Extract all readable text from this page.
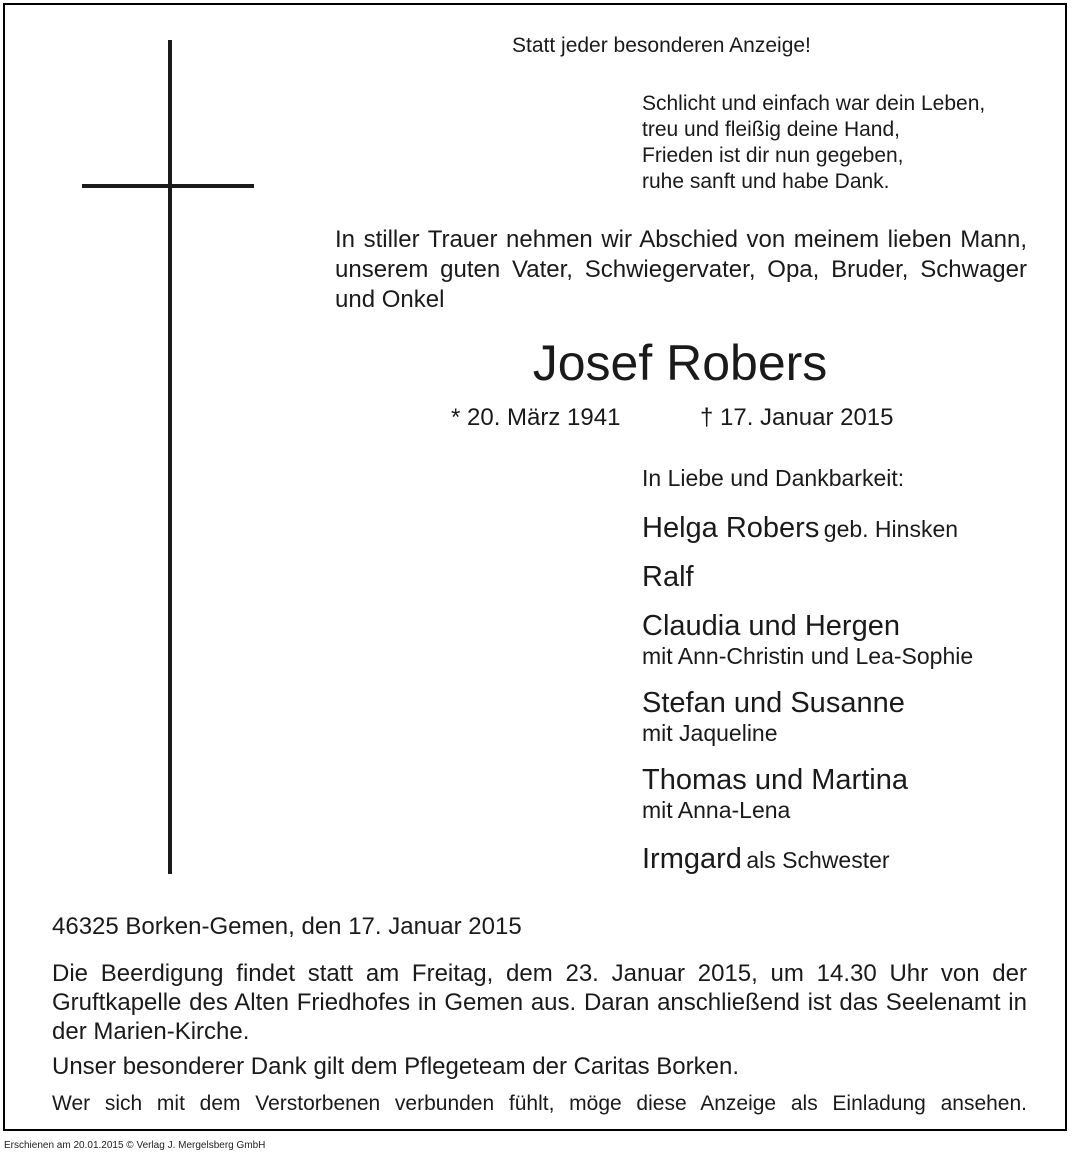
Statt jeder besonderen Anzeige!
Schlicht und einfach war dein Leben,
treu und fleißig deine Hand,
Frieden ist dir nun gegeben,
ruhe sanft und habe Dank.
In stiller Trauer nehmen wir Abschied von meinem lieben Mann, unserem guten Vater, Schwiegervater, Opa, Bruder, Schwager und Onkel
Josef Robers
* 20. März 1941	† 17. Januar 2015
In Liebe und Dankbarkeit:
Helga Robers geb. Hinsken
Ralf
Claudia und Hergen
mit Ann-Christin und Lea-Sophie
Stefan und Susanne
mit Jaqueline
Thomas und Martina
mit Anna-Lena
Irmgard als Schwester
46325 Borken-Gemen, den 17. Januar 2015
Die Beerdigung findet statt am Freitag, dem 23. Januar 2015, um 14.30 Uhr von der Gruftkapelle des Alten Friedhofes in Gemen aus. Daran anschließend ist das Seelenamt in der Marien-Kirche.
Unser besonderer Dank gilt dem Pflegeteam der Caritas Borken.
Wer sich mit dem Verstorbenen verbunden fühlt, möge diese Anzeige als Einladung ansehen.
Erschienen am 20.01.2015 © Verlag J. Mergelsberg GmbH
